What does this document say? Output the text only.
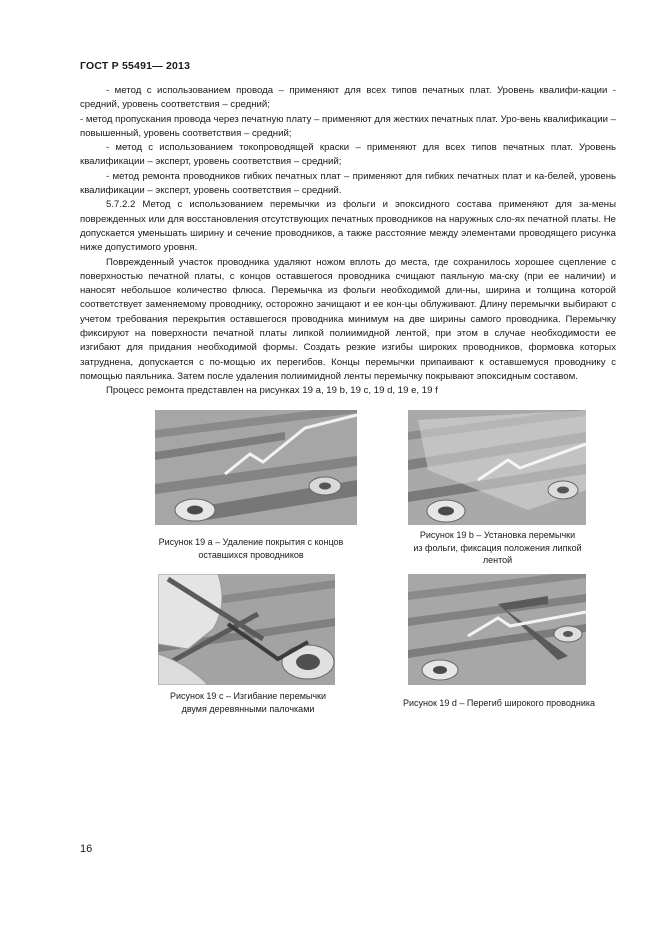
ГОСТ Р 55491— 2013

- метод с использованием провода – применяют для всех типов печатных плат. Уровень квалифи-кации - средний, уровень соответствия – средний;

- метод пропускания провода через печатную плату – применяют для жестких печатных плат. Уро-вень квалификации – повышенный, уровень соответствия – средний;

- метод с использованием токопроводящей краски – применяют для всех типов печатных плат. Уровень квалификации – эксперт, уровень соответствия – средний;

- метод ремонта проводников гибких печатных плат – применяют для гибких печатных плат и ка-белей, уровень квалификации – эксперт, уровень соответствия – средний.

5.7.2.2 Метод с использованием перемычки из фольги и эпоксидного состава применяют для за-мены поврежденных или для восстановления отсутствующих печатных проводников на наружных сло-ях печатной платы. Не допускается уменьшать ширину и сечение проводников, а также расстояние между элементами проводящего рисунка ниже допустимого уровня.

Поврежденный участок проводника удаляют ножом вплоть до места, где сохранилось хорошее сцепление с поверхностью печатной платы, с концов оставшегося проводника счищают паяльную ма-ску (при ее наличии) и наносят небольшое количество флюса. Перемычка из фольги необходимой дли-ны, ширина и толщина которой соответствует заменяемому проводнику, осторожно зачищают и ее кон-цы облуживают. Длину перемычки выбирают с учетом требования перекрытия оставшегося проводника минимум на две ширины самого проводника. Перемычку фиксируют на поверхности печатной платы липкой полиимидной лентой, при этом в случае необходимости ее изгибают для придания необходимой формы. Создать резкие изгибы широких проводников, формовка которых затруднена, допускается с по-мощью их перегибов. Концы перемычки припаивают к оставшемуся проводнику с помощью паяльника. Затем после удаления полиимидной ленты перемычку покрывают эпоксидным составом.

Процесс ремонта представлен на рисунках 19 a, 19 b, 19 c, 19 d, 19 e, 19 f

Рисунок 19 a – Удаление покрытия с концов
оставшихся проводников
Рисунок 19 b – Установка перемычки
из фольги, фиксация положения липкой
лентой
Рисунок 19 c – Изгибание перемычки
двумя деревянными палочками
Рисунок 19 d – Перегиб широкого проводника
16
